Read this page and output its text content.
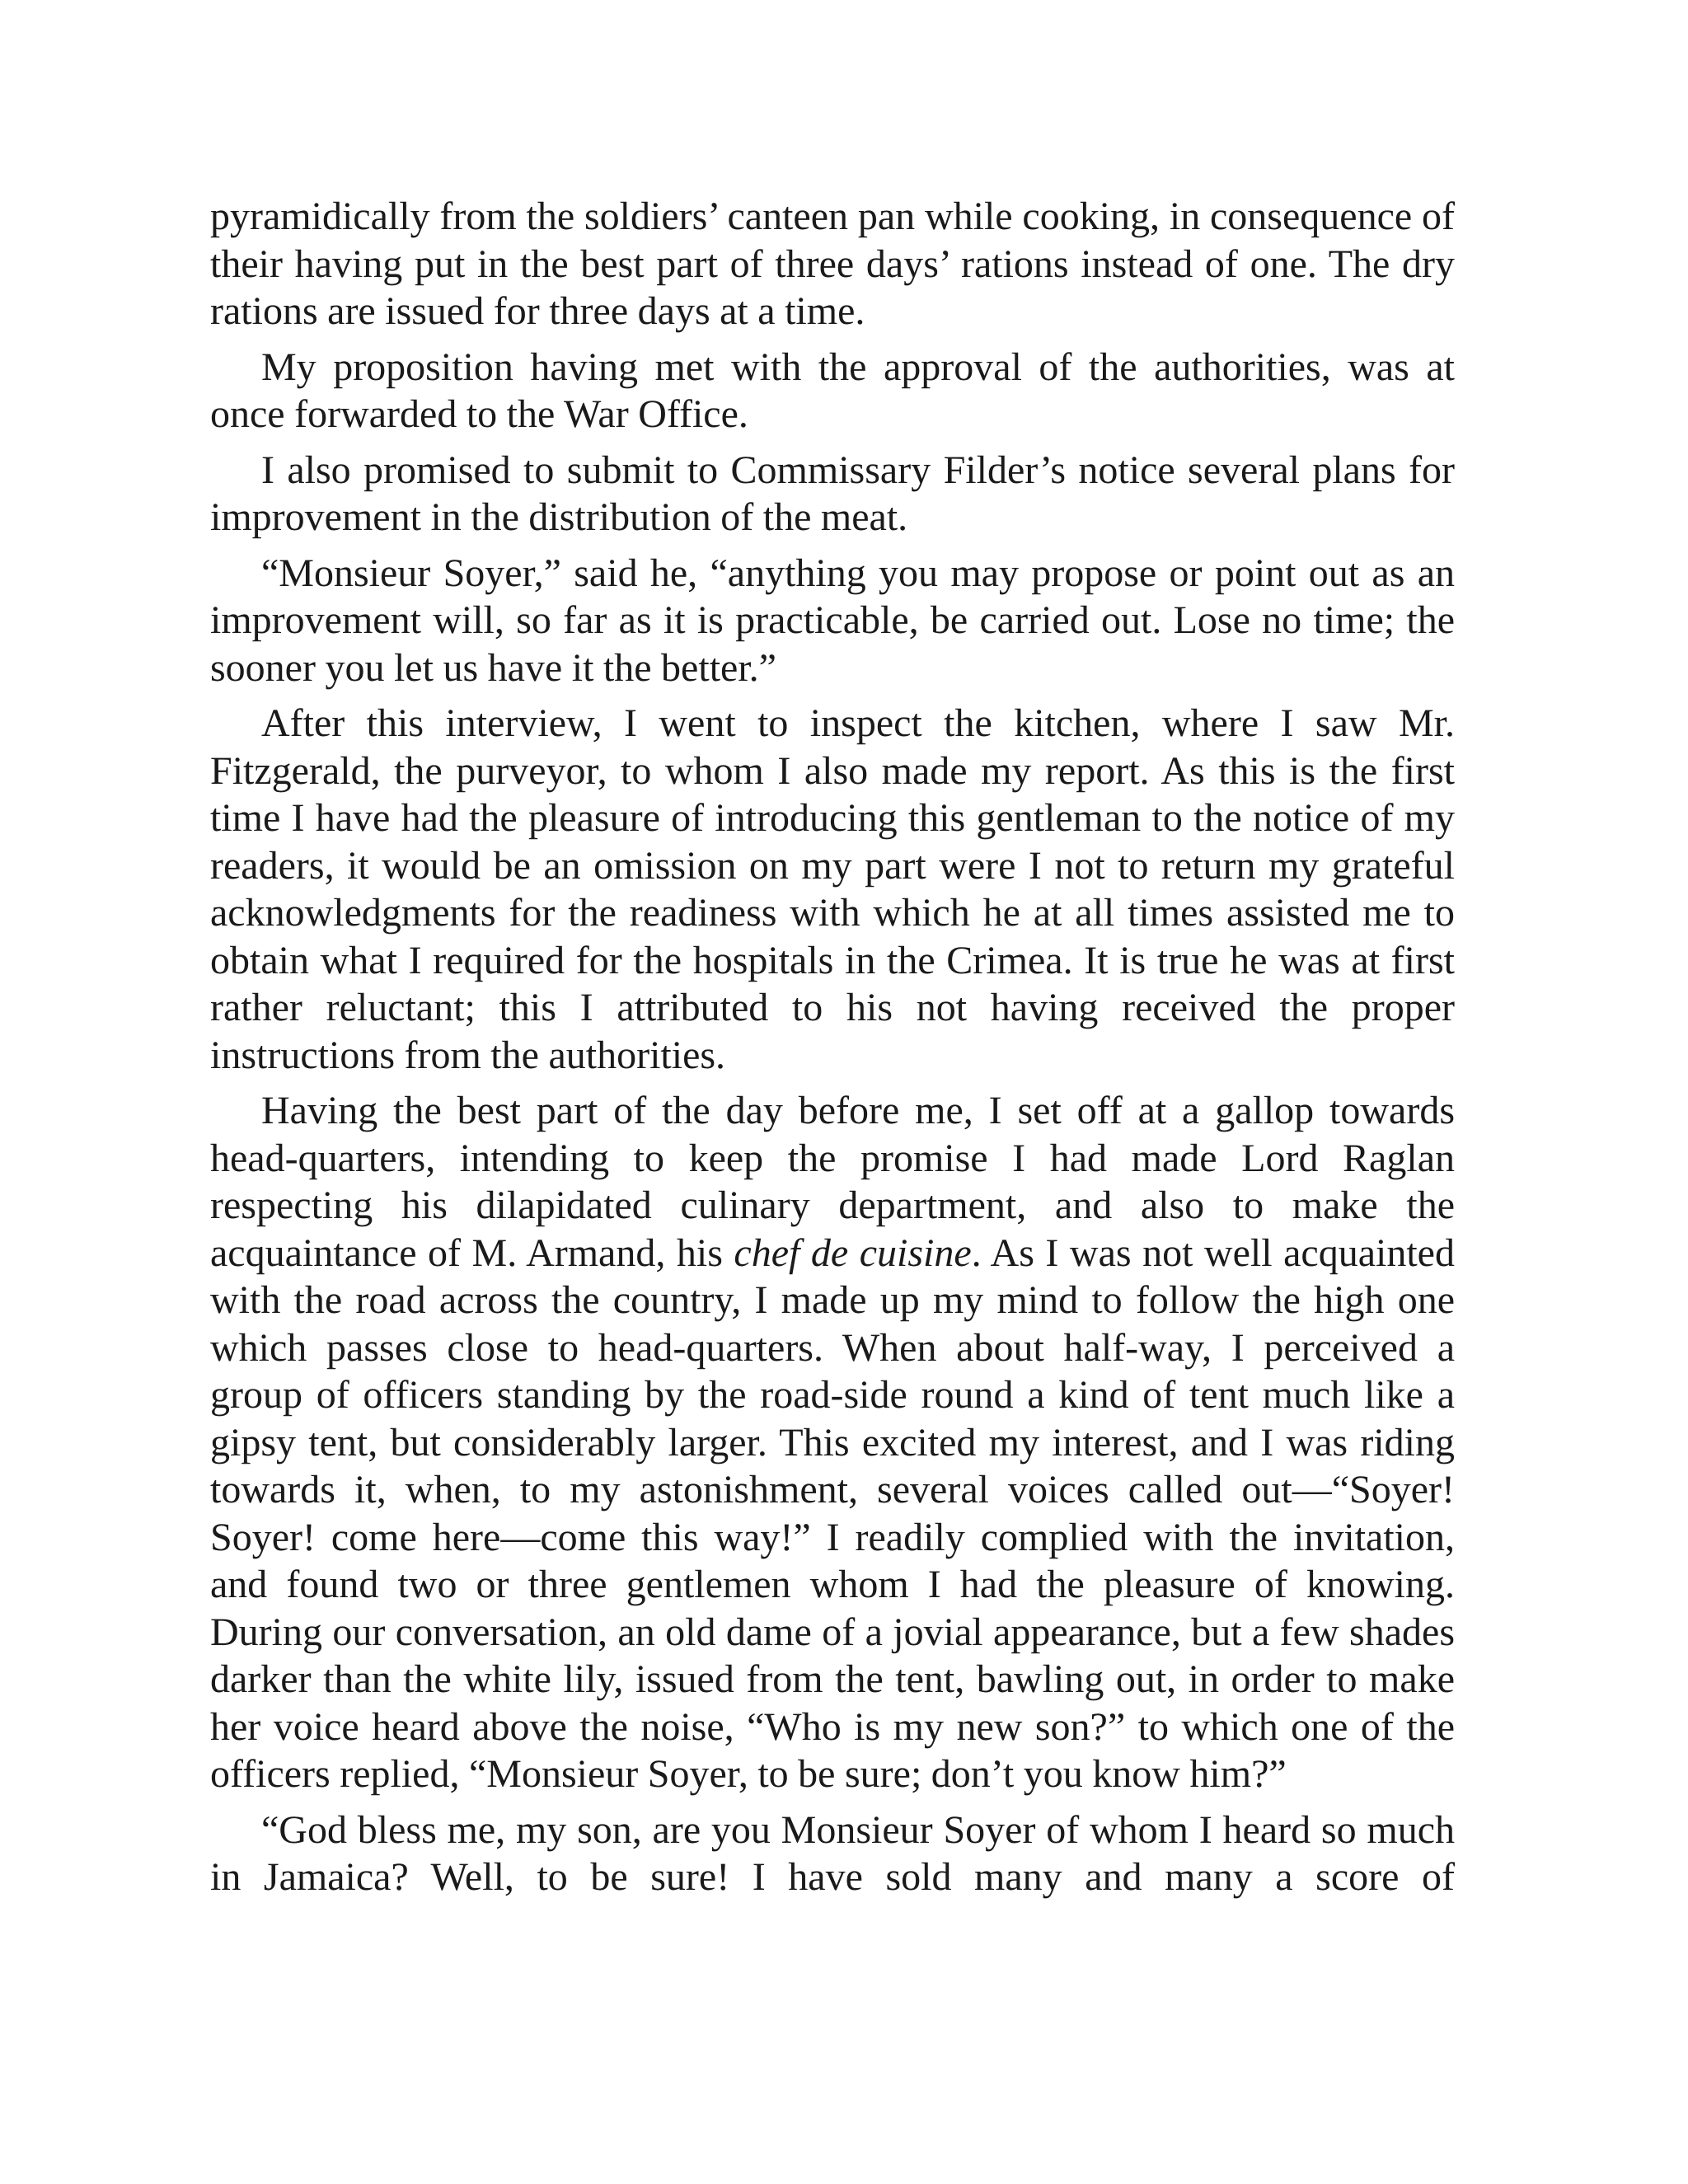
pyramidically from the soldiers’ canteen pan while cooking, in consequence of their having put in the best part of three days’ rations instead of one. The dry rations are issued for three days at a time.

My proposition having met with the approval of the authorities, was at once forwarded to the War Office.

I also promised to submit to Commissary Filder’s notice several plans for improvement in the distribution of the meat.

“Monsieur Soyer,” said he, “anything you may propose or point out as an improvement will, so far as it is practicable, be carried out. Lose no time; the sooner you let us have it the better.”

After this interview, I went to inspect the kitchen, where I saw Mr. Fitzgerald, the purveyor, to whom I also made my report. As this is the first time I have had the pleasure of introducing this gentleman to the notice of my readers, it would be an omission on my part were I not to return my grateful acknowledgments for the readiness with which he at all times assisted me to obtain what I required for the hospitals in the Crimea. It is true he was at first rather reluctant; this I attributed to his not having received the proper instructions from the authorities.

Having the best part of the day before me, I set off at a gallop towards head-quarters, intending to keep the promise I had made Lord Raglan respecting his dilapidated culinary department, and also to make the acquaintance of M. Armand, his chef de cuisine. As I was not well acquainted with the road across the country, I made up my mind to follow the high one which passes close to head-quarters. When about half-way, I perceived a group of officers standing by the road-side round a kind of tent much like a gipsy tent, but considerably larger. This excited my interest, and I was riding towards it, when, to my astonishment, several voices called out—“Soyer! Soyer! come here—come this way!” I readily complied with the invitation, and found two or three gentlemen whom I had the pleasure of knowing. During our conversation, an old dame of a jovial appearance, but a few shades darker than the white lily, issued from the tent, bawling out, in order to make her voice heard above the noise, “Who is my new son?” to which one of the officers replied, “Monsieur Soyer, to be sure; don’t you know him?”

“God bless me, my son, are you Monsieur Soyer of whom I heard so much in Jamaica? Well, to be sure! I have sold many and many a score of
